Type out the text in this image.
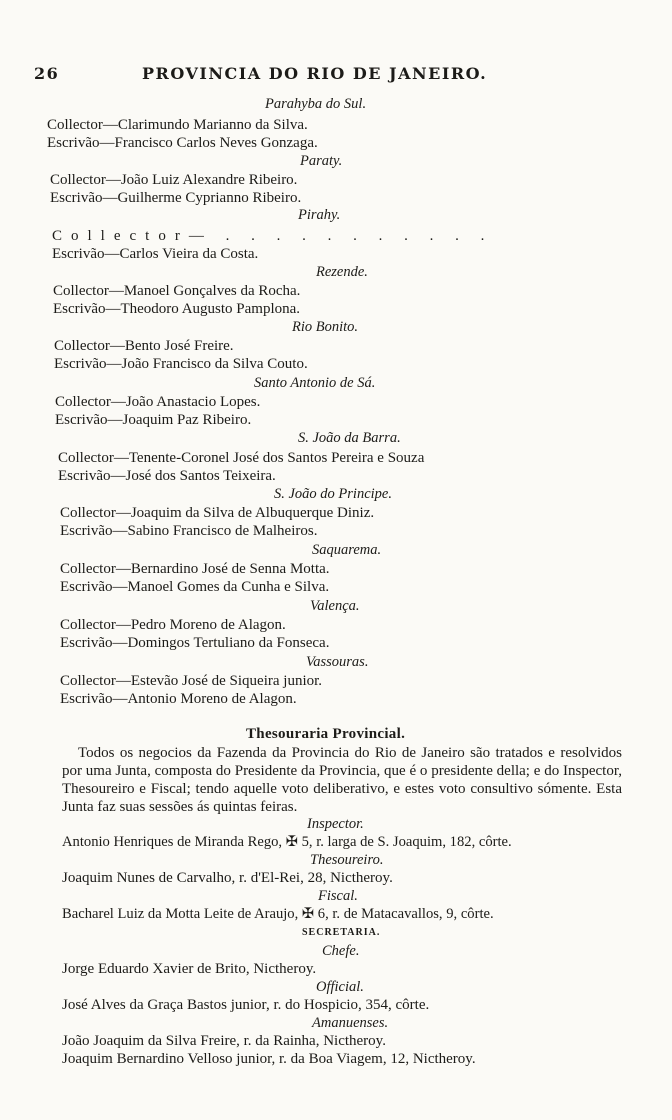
26	PROVINCIA DO RIO DE JANEIRO.
Parahyba do Sul.
Collector—Clarimundo Marianno da Silva.
Escrivão—Francisco Carlos Neves Gonzaga.
Paraty.
Collector—João Luiz Alexandre Ribeiro.
Escrivão—Guilherme Cyprianno Ribeiro.
Pirahy.
Collector— . . . . . . . . . . .
Escrivão—Carlos Vieira da Costa.
Rezende.
Collector—Manoel Gonçalves da Rocha.
Escrivão—Theodoro Augusto Pamplona.
Rio Bonito.
Collector—Bento José Freire.
Escrivão—João Francisco da Silva Couto.
Santo Antonio de Sá.
Collector—João Anastacio Lopes.
Escrivão—Joaquim Paz Ribeiro.
S. João da Barra.
Collector—Tenente-Coronel José dos Santos Pereira e Souza
Escrivão—José dos Santos Teixeira.
S. João do Principe.
Collector—Joaquim da Silva de Albuquerque Diniz.
Escrivão—Sabino Francisco de Malheiros.
Saquarema.
Collector—Bernardino José de Senna Motta.
Escrivão—Manoel Gomes da Cunha e Silva.
Valença.
Collector—Pedro Moreno de Alagon.
Escrivão—Domingos Tertuliano da Fonseca.
Vassouras.
Collector—Estevão José de Siqueira junior.
Escrivão—Antonio Moreno de Alagon.
Thesouraria Provincial.

Todos os negocios da Fazenda da Provincia do Rio de Janeiro são tratados e resolvidos por uma Junta, composta do Presidente da Provincia, que é o presidente della; e do Inspector, Thesoureiro e Fiscal; tendo aquelle voto deliberativo, e estes voto consultivo sómente. Esta Junta faz suas sessões ás quintas feiras.

Inspector.
Antonio Henriques de Miranda Rego, ✠ 5, r. larga de S. Joaquim, 182, côrte.
Thesoureiro.
Joaquim Nunes de Carvalho, r. d'El-Rei, 28, Nictheroy.
Fiscal.
Bacharel Luiz da Motta Leite de Araujo, ✠ 6, r. de Matacavallos, 9, côrte.
SECRETARIA.
Chefe.
Jorge Eduardo Xavier de Brito, Nictheroy.
Official.
José Alves da Graça Bastos junior, r. do Hospicio, 354, côrte.
Amanuenses.
João Joaquim da Silva Freire, r. da Rainha, Nictheroy.
Joaquim Bernardino Velloso junior, r. da Boa Viagem, 12, Nictheroy.
